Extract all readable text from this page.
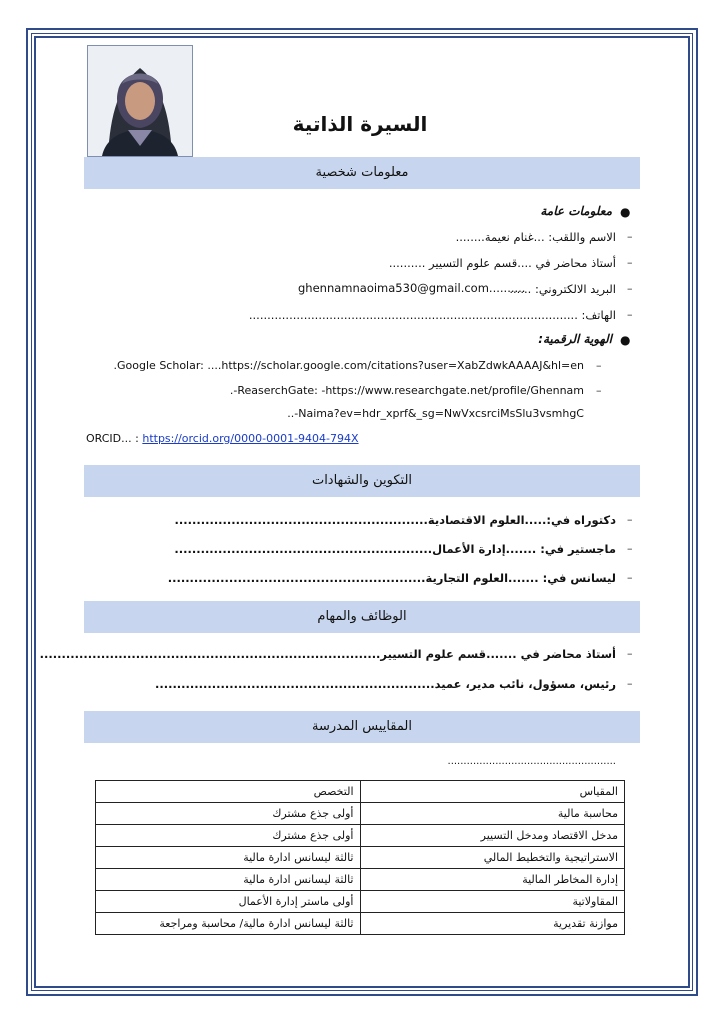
السيرة الذاتية
معلومات شخصية
●
معلومات عامة
–
الاسم واللقب: ...غنام نعيمة........
–
أستاذ محاضر في ....قسم علوم التسيير ..........
–
البريد الالكتروني: ......
ghennamnaoima530@gmail.com..........
–
الهاتف: ..........................................................................................
●
الهوية الرقمية:
–
Google Scholar: ....https://scholar.google.com/citations?user=XabZdwkAAAAJ&hl=en.
–
ReaserchGate: -https://www.researchgate.net/profile/Ghennam-.
Naima?ev=hdr_xprf&_sg=NwVxcsrciMsSlu3vsmhgC-..
ORCID... : https://orcid.org/0000-0001-9404-794X
التكوين والشهادات
–
دكتوراه في:.....العلوم الاقتصادية..........................................................
–
ماجستير في: .......إدارة الأعمال...........................................................
–
ليسانس في: .......العلوم التجارية...........................................................
الوظائف والمهام
–
أستاذ محاضر في .......قسم علوم التسيير..............................................................................
–
رئيس، مسؤول، نائب مدير، عميد................................................................
المقاييس المدرسة
.....................................................
المقياس	التخصص
محاسبة مالية	أولى جذع مشترك
مدخل الاقتصاد ومدخل التسيير	أولى جذع مشترك
الاستراتيجية والتخطيط المالي	ثالثة ليسانس ادارة مالية
إدارة المخاطر المالية	ثالثة ليسانس ادارة مالية
المقاولاتية	أولى ماستر إدارة الأعمال
موازنة تقديرية	ثالثة ليسانس ادارة مالية/ محاسبة ومراجعة
